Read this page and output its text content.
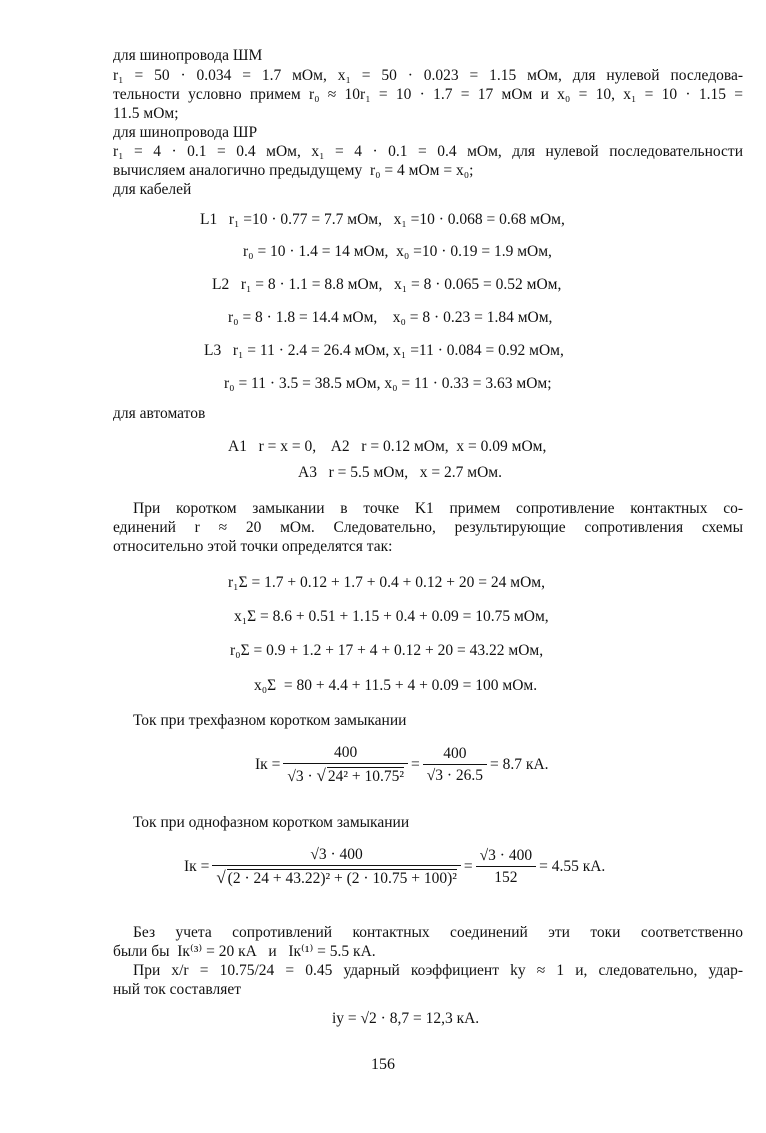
для шинопровода ШМ
r₁ = 50 · 0.034 = 1.7 мОм, x₁ = 50 · 0.023 = 1.15 мОм, для нулевой последова-
тельности условно примем r₀ ≈ 10r₁ = 10 · 1.7 = 17 мОм и x₀ = 10, x₁ = 10 · 1.15 =
11.5 мОм;
для шинопровода ШР
r₁ = 4 · 0.1 = 0.4 мОм, x₁ = 4 · 0.1 = 0.4 мОм, для нулевой последовательности
вычисляем аналогично предыдущему  r₀ = 4 мОм = x₀;
для кабелей
L1   r₁ =10 · 0.77 = 7.7 мОм,   x₁ =10 · 0.068 = 0.68 мОм,
r₀ = 10 · 1.4 = 14 мОм,  x₀ =10 · 0.19 = 1.9 мОм,
L2   r₁ = 8 · 1.1 = 8.8 мОм,   x₁ = 8 · 0.065 = 0.52 мОм,
r₀ = 8 · 1.8 = 14.4 мОм,    x₀ = 8 · 0.23 = 1.84 мОм,
L3   r₁ = 11 · 2.4 = 26.4 мОм, x₁ =11 · 0.084 = 0.92 мОм,
r₀ = 11 · 3.5 = 38.5 мОм, x₀ = 11 · 0.33 = 3.63 мОм;
для автоматов
A1   r = x = 0,    A2   r = 0.12 мОм,  x = 0.09 мОм,
A3   r = 5.5 мОм,   x = 2.7 мОм.
При коротком замыкании в точке K1 примем сопротивление контактных со-
единений r ≈ 20 мОм. Следовательно, результирующие сопротивления схемы
относительно этой точки определятся так:
r₁Σ = 1.7 + 0.12 + 1.7 + 0.4 + 0.12 + 20 = 24 мОм,
x₁Σ = 8.6 + 0.51 + 1.15 + 0.4 + 0.09 = 10.75 мОм,
r₀Σ = 0.9 + 1.2 + 17 + 4 + 0.12 + 20 = 43.22 мОм,
x₀Σ  = 80 + 4.4 + 11.5 + 4 + 0.09 = 100 мОм.
Ток при трехфазном коротком замыкании
Iк = $\frac{400}{\text{√3 · √ 24² + 10.75²}} = \frac{400}{√3 \cdot 26.5} = 8.7$ кА.
Ток при однофазном коротком замыкании
Iк = $\frac{√3 \cdot 400}{\text{√ (2 · 24 + 43.22)² + (2 · 10.75 + 100)²}} = \frac{√3 \cdot 400}{152} = 4.55$ кА.
Без учета сопротивлений контактных соединений эти токи соответственно
были бы  Iк⁽³⁾ = 20 кА   и   Iк⁽¹⁾ = 5.5 кА.
При x/r = 10.75/24 = 0.45 ударный коэффициент kу ≈ 1 и, следовательно, удар-
ный ток составляет
iу = √2 · 8,7 = 12,3 кА.
156
